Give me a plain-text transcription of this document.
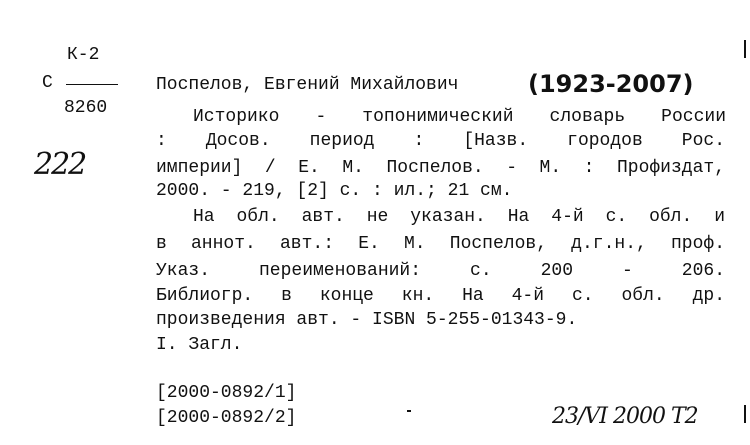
К-2
С
8260
222
Поспелов, Евгений Михайлович	(1923-2007)
Историко - топонимический словарь России
: Досов. период : [Назв. городов Рос.
империи] / Е. М. Поспелов. - М. : Профиздат,
2000. - 219, [2] с. : ил.; 21 см.
На обл. авт. не указан. На 4-й с. обл. и
в аннот. авт.: Е. М. Поспелов, д.г.н., проф.
Указ. переименований: с. 200 - 206.
Библиогр. в конце кн. На 4-й с. обл. др.
произведения авт. - ISBN 5-255-01343-9.
I. Загл.
[2000-0892/1]
[2000-0892/2]	23/VI 2000 Т2
